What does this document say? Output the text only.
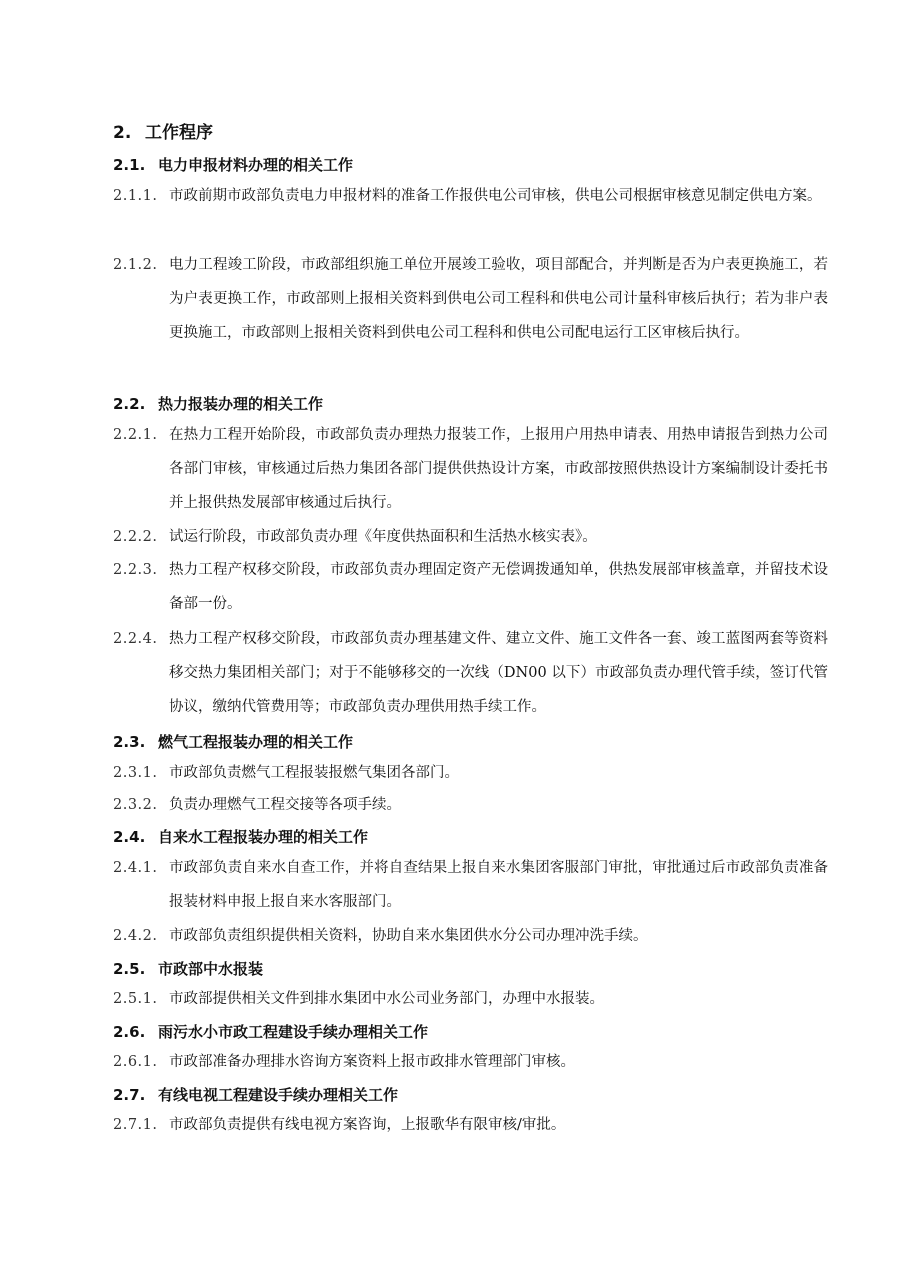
2. 工作程序
2.1. 电力申报材料办理的相关工作
2.1.1. 市政前期市政部负责电力申报材料的准备工作报供电公司审核，供电公司根据审核意见制定供电方案。
2.1.2. 电力工程竣工阶段，市政部组织施工单位开展竣工验收，项目部配合，并判断是否为户表更换施工，若为户表更换工作，市政部则上报相关资料到供电公司工程科和供电公司计量科审核后执行；若为非户表更换施工，市政部则上报相关资料到供电公司工程科和供电公司配电运行工区审核后执行。
2.2. 热力报装办理的相关工作
2.2.1. 在热力工程开始阶段，市政部负责办理热力报装工作，上报用户用热申请表、用热申请报告到热力公司各部门审核，审核通过后热力集团各部门提供供热设计方案，市政部按照供热设计方案编制设计委托书并上报供热发展部审核通过后执行。
2.2.2. 试运行阶段，市政部负责办理《年度供热面积和生活热水核实表》。
2.2.3. 热力工程产权移交阶段，市政部负责办理固定资产无偿调拨通知单，供热发展部审核盖章，并留技术设备部一份。
2.2.4. 热力工程产权移交阶段，市政部负责办理基建文件、建立文件、施工文件各一套、竣工蓝图两套等资料移交热力集团相关部门；对于不能够移交的一次线（DN00 以下）市政部负责办理代管手续，签订代管协议，缴纳代管费用等；市政部负责办理供用热手续工作。
2.3. 燃气工程报装办理的相关工作
2.3.1. 市政部负责燃气工程报装报燃气集团各部门。
2.3.2. 负责办理燃气工程交接等各项手续。
2.4. 自来水工程报装办理的相关工作
2.4.1. 市政部负责自来水自查工作，并将自查结果上报自来水集团客服部门审批，审批通过后市政部负责准备报装材料申报上报自来水客服部门。
2.4.2. 市政部负责组织提供相关资料，协助自来水集团供水分公司办理冲洗手续。
2.5. 市政部中水报装
2.5.1. 市政部提供相关文件到排水集团中水公司业务部门，办理中水报装。
2.6. 雨污水小市政工程建设手续办理相关工作
2.6.1. 市政部准备办理排水咨询方案资料上报市政排水管理部门审核。
2.7. 有线电视工程建设手续办理相关工作
2.7.1. 市政部负责提供有线电视方案咨询，上报歌华有限审核/审批。
